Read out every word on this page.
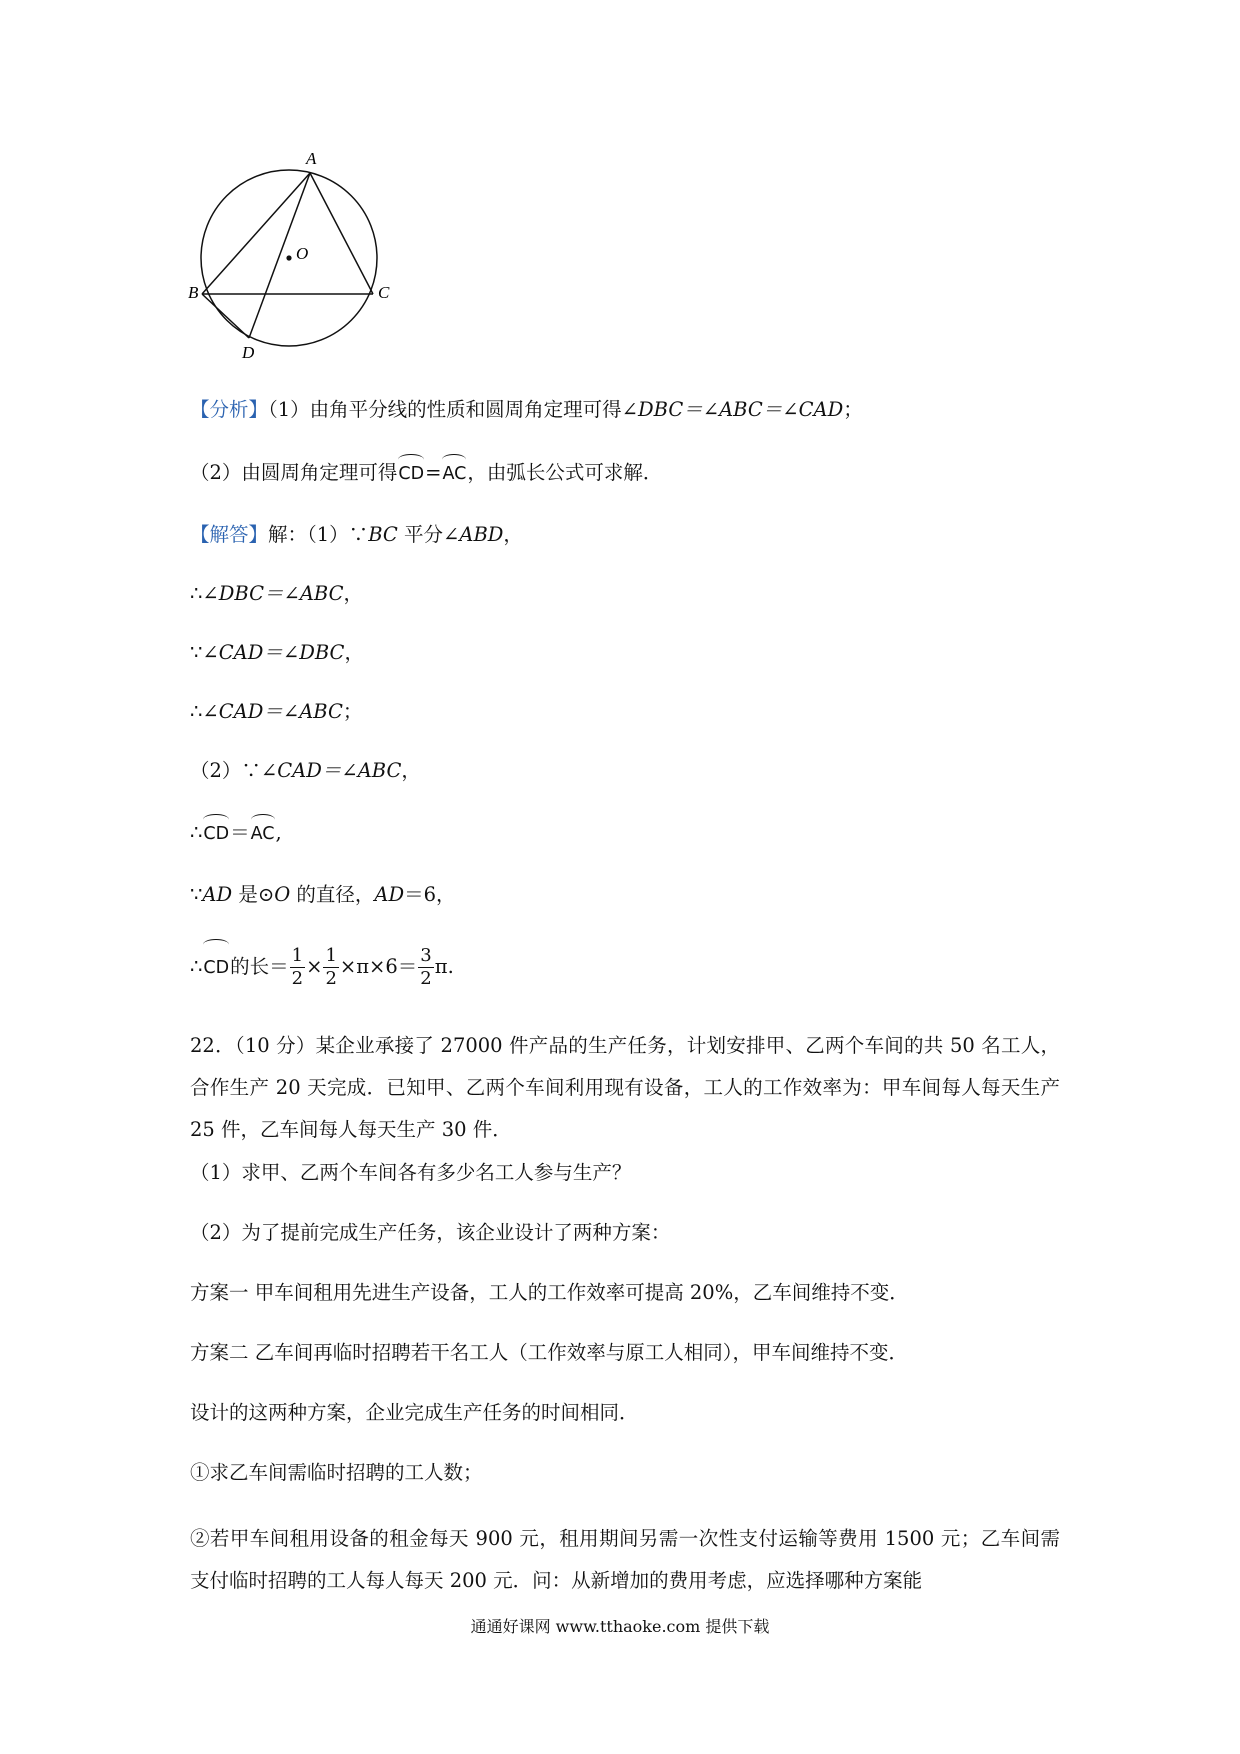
A
O
B	C
D
【分析】（1）由角平分线的性质和圆周角定理可得∠DBC＝∠ABC＝∠CAD；
（2）由圆周角定理可得CD=AC，由弧长公式可求解．
【解答】解：（1）∵BC 平分∠ABD，
∴∠DBC＝∠ABC，
∵∠CAD＝∠DBC，
∴∠CAD＝∠ABC；
（2）∵∠CAD＝∠ABC，
∴CD＝AC,
∵AD 是⊙O 的直径，AD＝6，
∴CD的长＝ $\frac{1}{2} \times \frac{1}{2} \times\pi\times 6= \frac{3}{2} \pi$.
22．（10 分）某企业承接了 27000 件产品的生产任务，计划安排甲、乙两个车间的共 50 名工人，合作生产 20 天完成．已知甲、乙两个车间利用现有设备，工人的工作效率为：甲车间每人每天生产 25 件，乙车间每人每天生产 30 件．
（1）求甲、乙两个车间各有多少名工人参与生产？
（2）为了提前完成生产任务，该企业设计了两种方案：
方案一 甲车间租用先进生产设备，工人的工作效率可提高 20%，乙车间维持不变．
方案二 乙车间再临时招聘若干名工人（工作效率与原工人相同），甲车间维持不变．
设计的这两种方案，企业完成生产任务的时间相同．
①求乙车间需临时招聘的工人数；
②若甲车间租用设备的租金每天 900 元，租用期间另需一次性支付运输等费用 1500 元；乙车间需支付临时招聘的工人每人每天 200 元．问：从新增加的费用考虑，应选择哪种方案能
通通好课网 www.tthaoke.com 提供下载
